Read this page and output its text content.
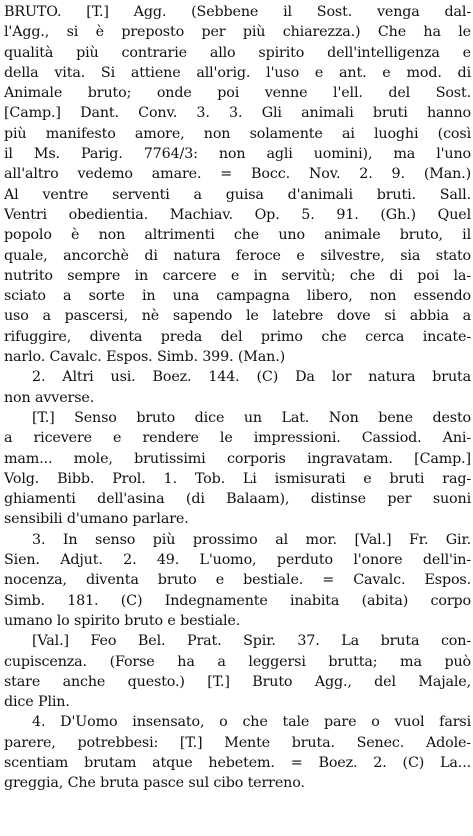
BRUTO. [T.] Agg. (Sebbene il Sost. venga dal-
l'Agg., si è preposto per più chiarezza.) Che ha le
qualità più contrarie allo spirito dell'intelligenza e
della vita. Si attiene all'orig. l'uso e ant. e mod. di
Animale bruto; onde poi venne l'ell. del Sost.
[Camp.] Dant. Conv. 3. 3. Gli animali bruti hanno
più manifesto amore, non solamente ai luoghi (così
il Ms. Parig. 7764/3: non agli uomini), ma l'uno
all'altro vedemo amare. = Bocc. Nov. 2. 9. (Man.)
Al ventre serventi a guisa d'animali bruti. Sall.
Ventri obedientia. Machiav. Op. 5. 91. (Gh.) Quel
popolo è non altrimenti che uno animale bruto, il
quale, ancorchè di natura feroce e silvestre, sia stato
nutrito sempre in carcere e in servitù; che di poi la-
sciato a sorte in una campagna libero, non essendo
uso a pascersi, nè sapendo le latebre dove si abbia a
rifuggire, diventa preda del primo che cerca incate-
narlo. Cavalc. Espos. Simb. 399. (Man.)
2. Altri usi. Boez. 144. (C) Da lor natura bruta
non avverse.
[T.] Senso bruto dice un Lat. Non bene desto
a ricevere e rendere le impressioni. Cassiod. Ani-
mam... mole, brutissimi corporis ingravatam. [Camp.]
Volg. Bibb. Prol. 1. Tob. Li ismisurati e bruti rag-
ghiamenti dell'asina (di Balaam), distinse per suoni
sensibili d'umano parlare.
3. In senso più prossimo al mor. [Val.] Fr. Gir.
Sien. Adjut. 2. 49. L'uomo, perduto l'onore dell'in-
nocenza, diventa bruto e bestiale. = Cavalc. Espos.
Simb. 181. (C) Indegnamente inabita (abita) corpo
umano lo spirito bruto e bestiale.
[Val.] Feo Bel. Prat. Spir. 37. La bruta con-
cupiscenza. (Forse ha a leggersi brutta; ma può
stare anche questo.) [T.] Bruto Agg., del Majale,
dice Plin.
4. D'Uomo insensato, o che tale pare o vuol farsi
parere, potrebbesi: [T.] Mente bruta. Senec. Adole-
scentiam brutam atque hebetem. = Boez. 2. (C) La...
greggia, Che bruta pasce sul cibo terreno.
